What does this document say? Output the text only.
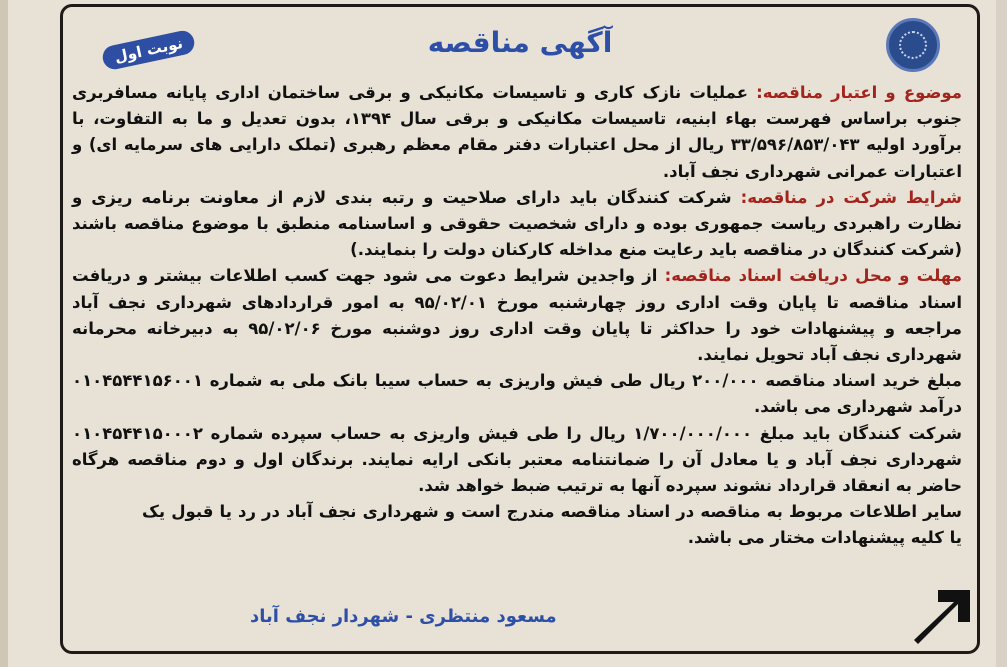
نوبت اول	آگهی مناقصه

موضوع و اعتبار مناقصه: عملیات نازک کاری و تاسیسات مکانیکی و برقی ساختمان اداری پایانه مسافربری جنوب براساس فهرست بهاء ابنیه، تاسیسات مکانیکی و برقی سال ۱۳۹۴، بدون تعدیل و ما به التفاوت، با برآورد اولیه ۳۳/۵۹۶/۸۵۳/۰۴۳ ریال از محل اعتبارات دفتر مقام معظم رهبری (تملک دارایی های سرمایه ای) و اعتبارات عمرانی شهرداری نجف آباد.

شرایط شرکت در مناقصه: شرکت کنندگان باید دارای صلاحیت و رتبه بندی لازم از معاونت برنامه ریزی و نظارت راهبردی ریاست جمهوری بوده و دارای شخصیت حقوقی و اساسنامه منطبق با موضوع مناقصه باشند (شرکت کنندگان در مناقصه باید رعایت منع مداخله کارکنان دولت را بنمایند.)

مهلت و محل دریافت اسناد مناقصه: از واجدین شرایط دعوت می شود جهت کسب اطلاعات بیشتر و دریافت اسناد مناقصه تا پایان وقت اداری روز چهارشنبه مورخ ۹۵/۰۲/۰۱ به امور قراردادهای شهرداری نجف آباد مراجعه و پیشنهادات خود را حداکثر تا پایان وقت اداری روز دوشنبه مورخ ۹۵/۰۲/۰۶ به دبیرخانه محرمانه شهرداری نجف آباد تحویل نمایند.

مبلغ خرید اسناد مناقصه ۲۰۰/۰۰۰ ریال طی فیش واریزی به حساب سیبا بانک ملی به شماره ۰۱۰۴۵۴۴۱۵۶۰۰۱ درآمد شهرداری می باشد.

شرکت کنندگان باید مبلغ ۱/۷۰۰/۰۰۰/۰۰۰ ریال را طی فیش واریزی به حساب سپرده شماره ۰۱۰۴۵۴۴۱۵۰۰۰۲ شهرداری نجف آباد و یا معادل آن را ضمانتنامه معتبر بانکی ارایه نمایند. برندگان اول و دوم مناقصه هرگاه حاضر به انعقاد قرارداد نشوند سپرده آنها به ترتیب ضبط خواهد شد.

سایر اطلاعات مربوط به مناقصه در اسناد مناقصه مندرج است و شهرداری نجف آباد در رد یا قبول یک یا کلیه پیشنهادات مختار می باشد.

مسعود منتظری - شهردار نجف آباد
